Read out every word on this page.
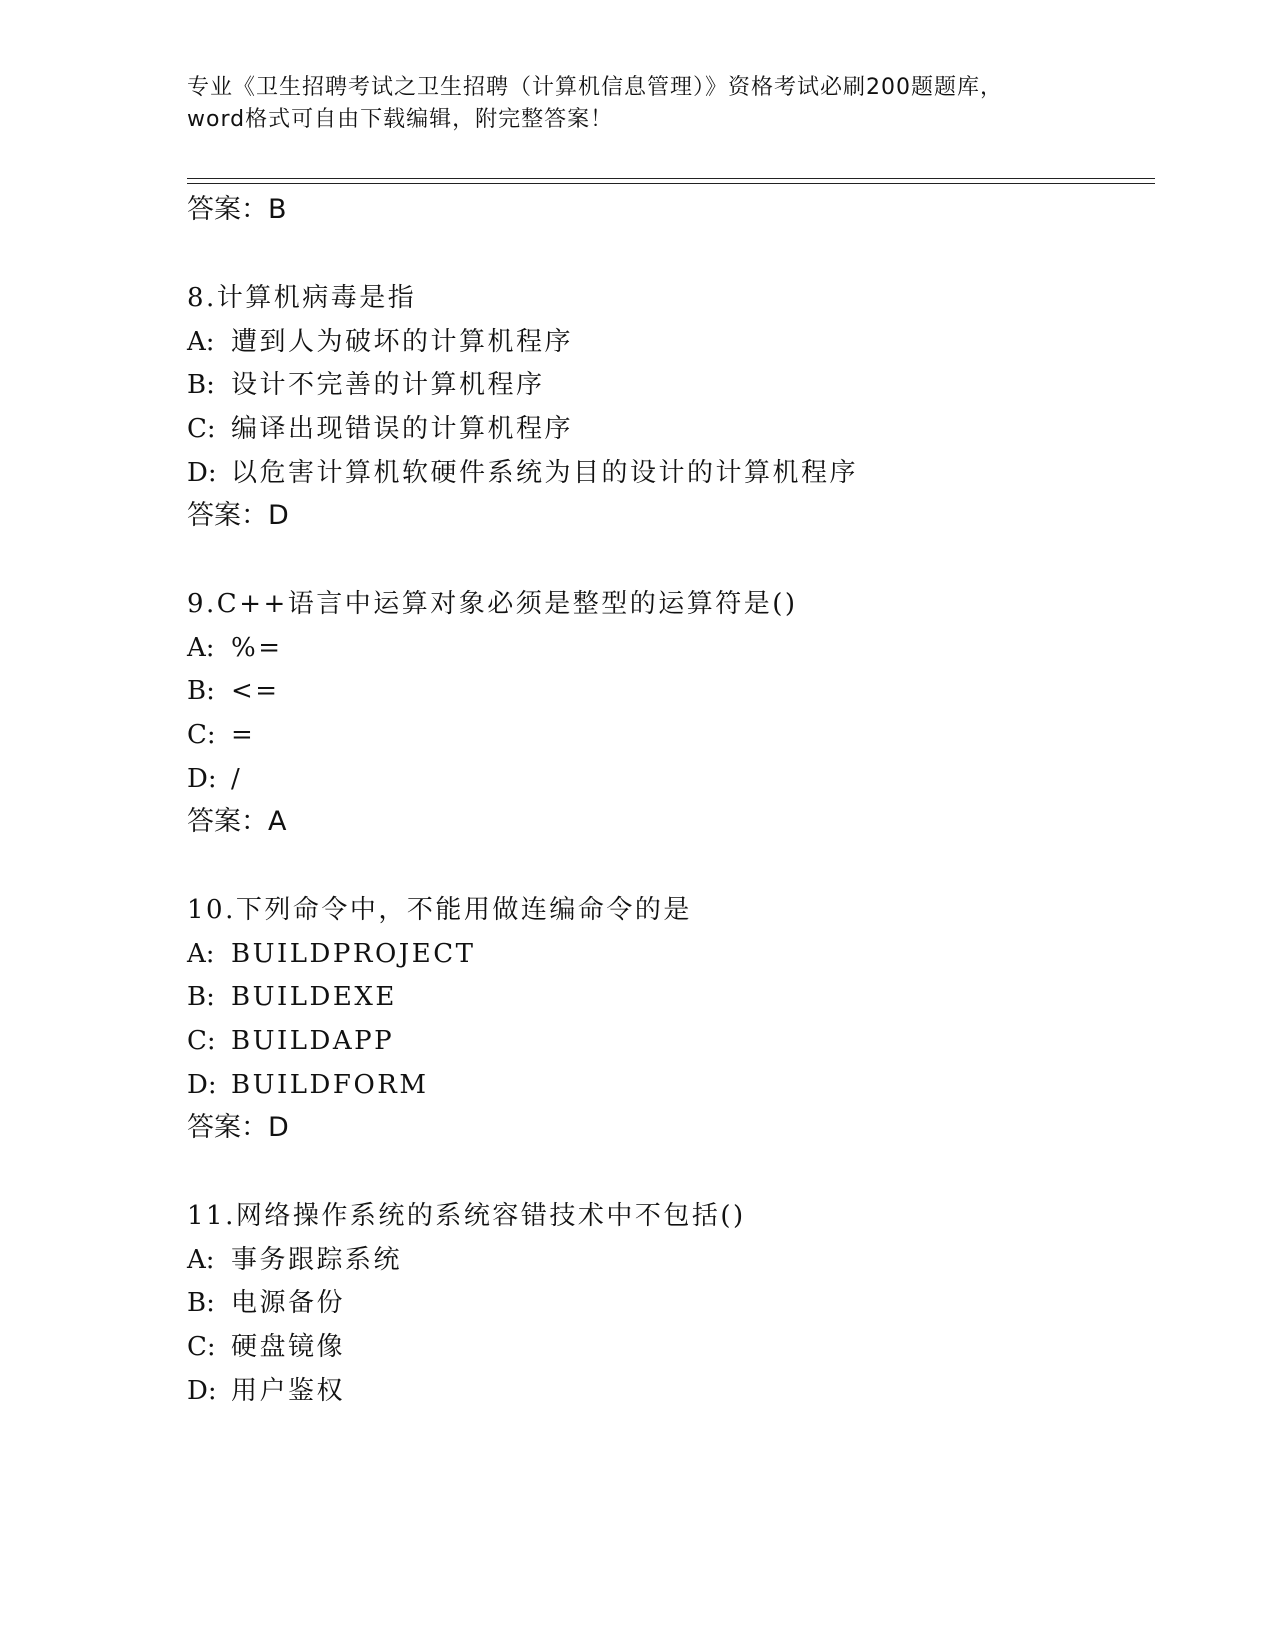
专业《卫生招聘考试之卫生招聘（计算机信息管理）》资格考试必刷200题题库，
word格式可自由下载编辑，附完整答案！
答案：B
8.计算机病毒是指
A: 遭到人为破坏的计算机程序
B: 设计不完善的计算机程序
C: 编译出现错误的计算机程序
D: 以危害计算机软硬件系统为目的设计的计算机程序
答案：D
9.C++语言中运算对象必须是整型的运算符是()
A: %=
B: <=
C: =
D: /
答案：A
10.下列命令中，不能用做连编命令的是
A: BUILDPROJECT
B: BUILDEXE
C: BUILDAPP
D: BUILDFORM
答案：D
11.网络操作系统的系统容错技术中不包括()
A: 事务跟踪系统
B: 电源备份
C: 硬盘镜像
D: 用户鉴权
